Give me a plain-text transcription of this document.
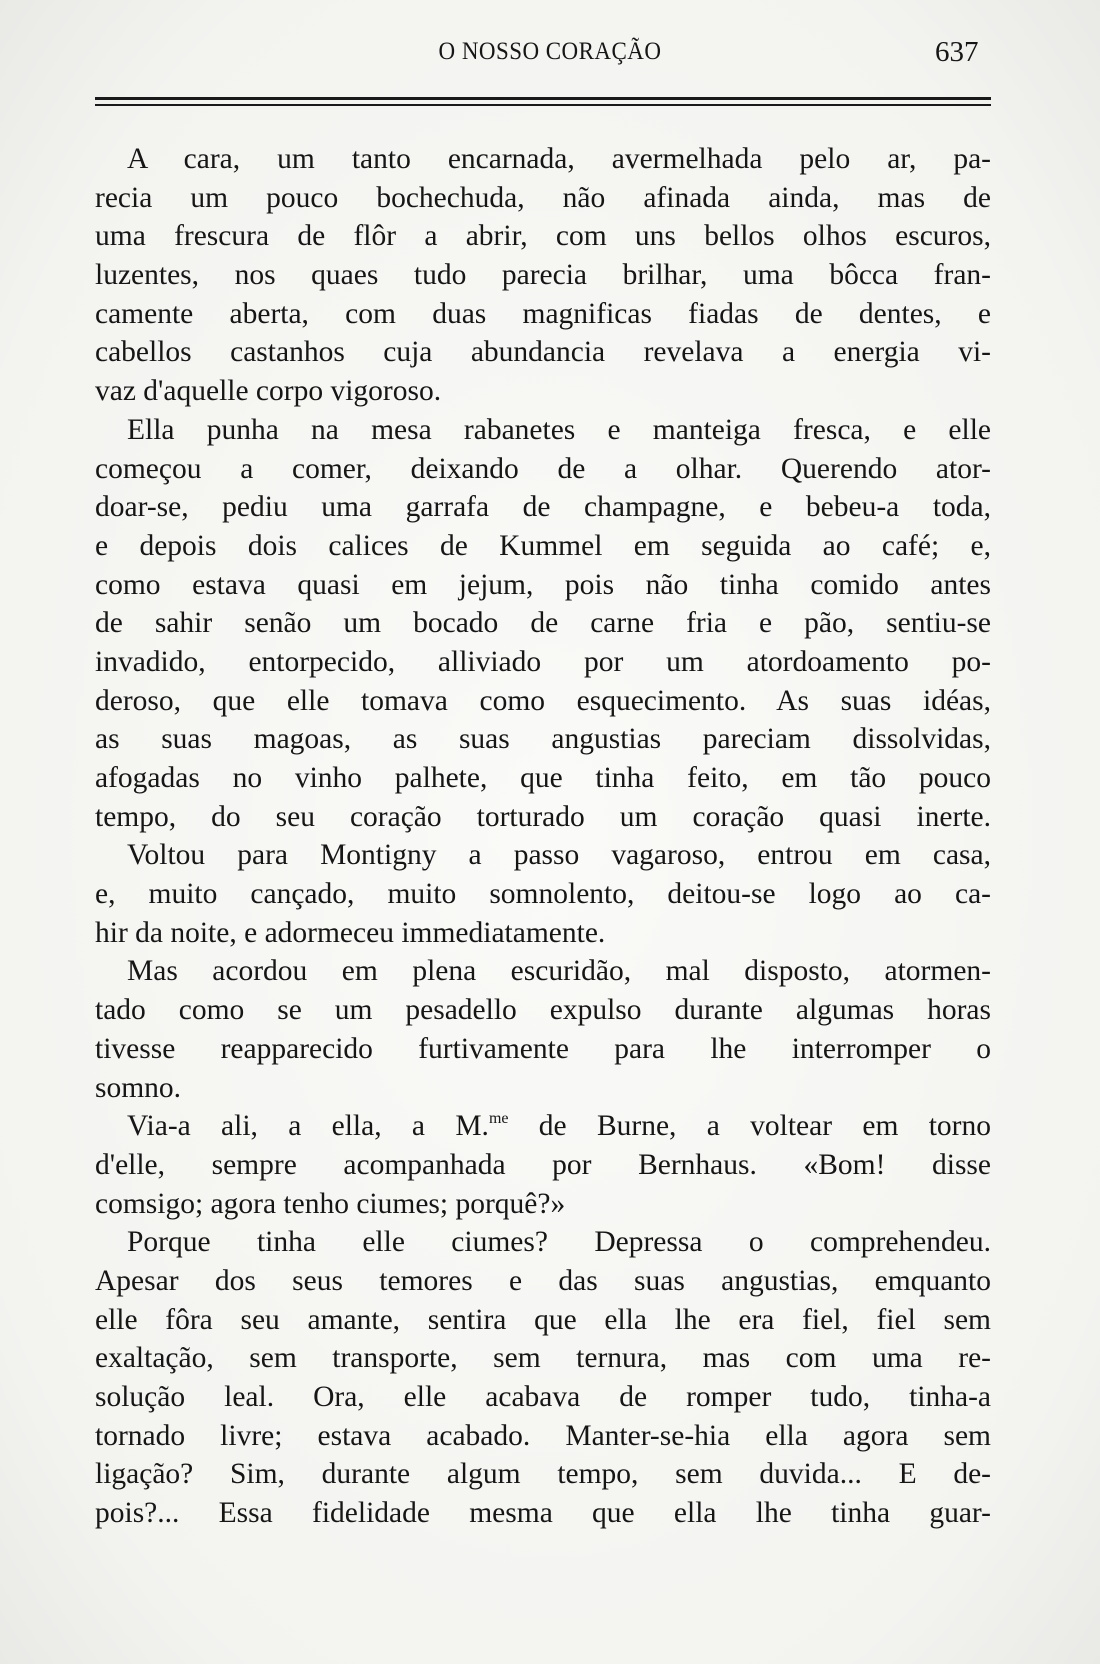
O NOSSO CORAÇÃO	637
A cara, um tanto encarnada, avermelhada pelo ar, pa-
recia um pouco bochechuda, não afinada ainda, mas de
uma frescura de flôr a abrir, com uns bellos olhos escuros,
luzentes, nos quaes tudo parecia brilhar, uma bôcca fran-
camente aberta, com duas magnificas fiadas de dentes, e
cabellos castanhos cuja abundancia revelava a energia vi-
vaz d'aquelle corpo vigoroso.
Ella punha na mesa rabanetes e manteiga fresca, e elle
começou a comer, deixando de a olhar. Querendo ator-
doar-se, pediu uma garrafa de champagne, e bebeu-a toda,
e depois dois calices de Kummel em seguida ao café; e,
como estava quasi em jejum, pois não tinha comido antes
de sahir senão um bocado de carne fria e pão, sentiu-se
invadido, entorpecido, alliviado por um atordoamento po-
deroso, que elle tomava como esquecimento. As suas idéas,
as suas magoas, as suas angustias pareciam dissolvidas,
afogadas no vinho palhete, que tinha feito, em tão pouco
tempo, do seu coração torturado um coração quasi inerte.
Voltou para Montigny a passo vagaroso, entrou em casa,
e, muito cançado, muito somnolento, deitou-se logo ao ca-
hir da noite, e adormeceu immediatamente.
Mas acordou em plena escuridão, mal disposto, atormen-
tado como se um pesadello expulso durante algumas horas
tivesse reapparecido furtivamente para lhe interromper o
somno.
Via-a ali, a ella, a M.$^{me}$ de Burne, a voltear em torno
d'elle, sempre acompanhada por Bernhaus. «Bom! disse
comsigo; agora tenho ciumes; porquê?»
Porque tinha elle ciumes? Depressa o comprehendeu.
Apesar dos seus temores e das suas angustias, emquanto
elle fôra seu amante, sentira que ella lhe era fiel, fiel sem
exaltação, sem transporte, sem ternura, mas com uma re-
solução leal. Ora, elle acabava de romper tudo, tinha-a
tornado livre; estava acabado. Manter-se-hia ella agora sem
ligação? Sim, durante algum tempo, sem duvida... E de-
pois?... Essa fidelidade mesma que ella lhe tinha guar-
